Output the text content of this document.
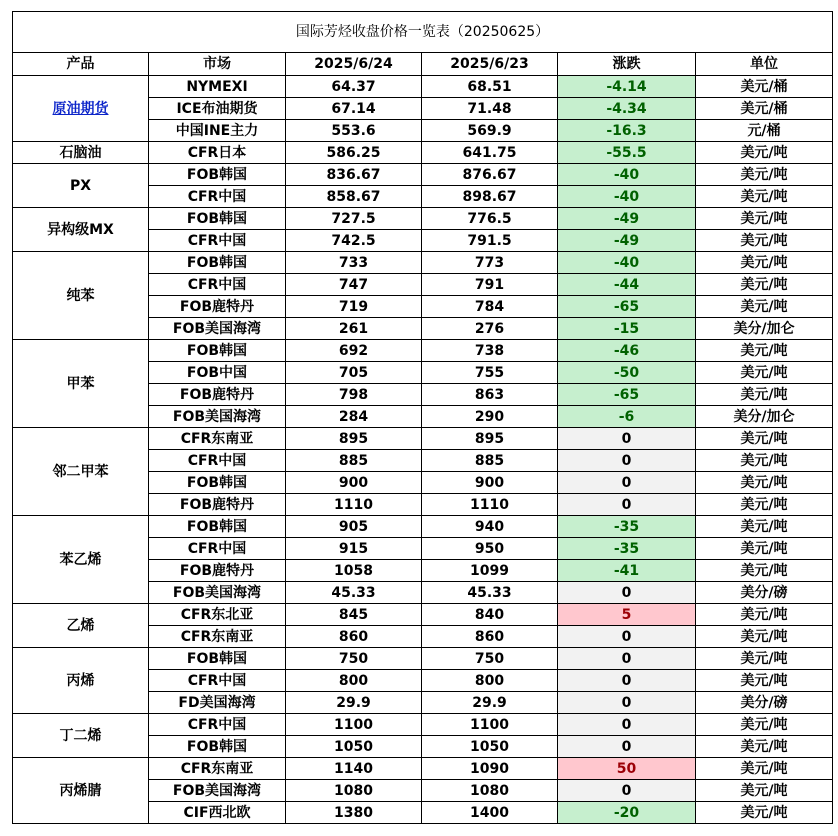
国际芳烃收盘价格一览表（20250625）					
产品	市场	2025/6/24	2025/6/23	涨跌	单位
原油期货	NYMEXI	64.37	68.51	-4.14	美元/桶
	ICE布油期货	67.14	71.48	-4.34	美元/桶
	中国INE主力	553.6	569.9	-16.3	元/桶
石脑油	CFR日本	586.25	641.75	-55.5	美元/吨
PX	FOB韩国	836.67	876.67	-40	美元/吨
	CFR中国	858.67	898.67	-40	美元/吨
异构级MX	FOB韩国	727.5	776.5	-49	美元/吨
	CFR中国	742.5	791.5	-49	美元/吨
纯苯	FOB韩国	733	773	-40	美元/吨
	CFR中国	747	791	-44	美元/吨
	FOB鹿特丹	719	784	-65	美元/吨
	FOB美国海湾	261	276	-15	美分/加仑
甲苯	FOB韩国	692	738	-46	美元/吨
	FOB中国	705	755	-50	美元/吨
	FOB鹿特丹	798	863	-65	美元/吨
	FOB美国海湾	284	290	-6	美分/加仑
邻二甲苯	CFR东南亚	895	895	0	美元/吨
	CFR中国	885	885	0	美元/吨
	FOB韩国	900	900	0	美元/吨
	FOB鹿特丹	1110	1110	0	美元/吨
苯乙烯	FOB韩国	905	940	-35	美元/吨
	CFR中国	915	950	-35	美元/吨
	FOB鹿特丹	1058	1099	-41	美元/吨
	FOB美国海湾	45.33	45.33	0	美分/磅
乙烯	CFR东北亚	845	840	5	美元/吨
	CFR东南亚	860	860	0	美元/吨
丙烯	FOB韩国	750	750	0	美元/吨
	CFR中国	800	800	0	美元/吨
	FD美国海湾	29.9	29.9	0	美分/磅
丁二烯	CFR中国	1100	1100	0	美元/吨
	FOB韩国	1050	1050	0	美元/吨
丙烯腈	CFR东南亚	1140	1090	50	美元/吨
	FOB美国海湾	1080	1080	0	美元/吨
	CIF西北欧	1380	1400	-20	美元/吨
